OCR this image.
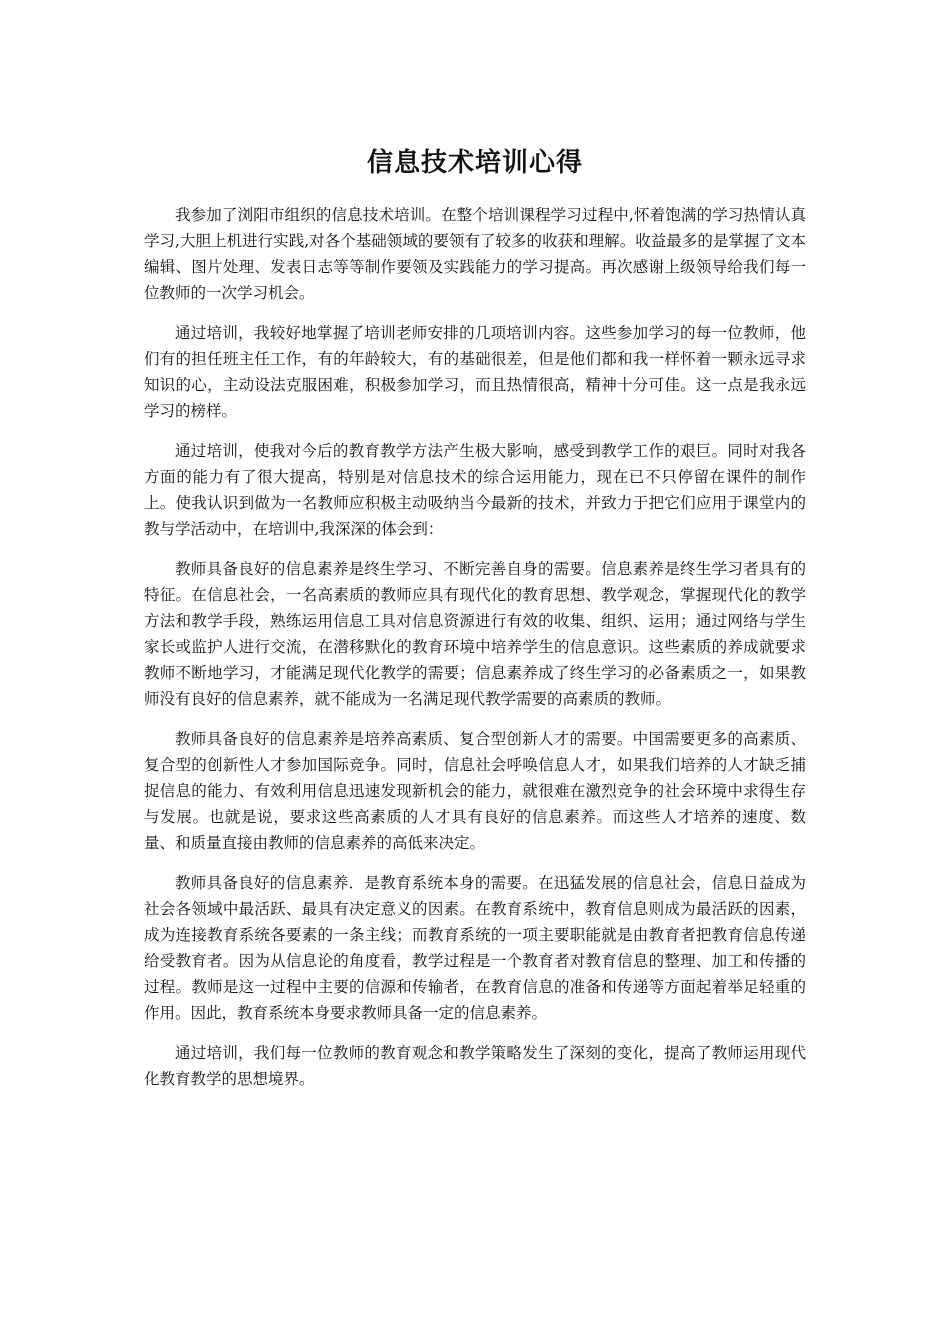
信息技术培训心得

我参加了浏阳市组织的信息技术培训。在整个培训课程学习过程中,怀着饱满的学习热情认真学习,大胆上机进行实践,对各个基础领域的要领有了较多的收获和理解。收益最多的是掌握了文本编辑、图片处理、发表日志等等制作要领及实践能力的学习提高。再次感谢上级领导给我们每一位教师的一次学习机会。

通过培训，我较好地掌握了培训老师安排的几项培训内容。这些参加学习的每一位教师，他们有的担任班主任工作，有的年龄较大，有的基础很差，但是他们都和我一样怀着一颗永远寻求知识的心，主动设法克服困难，积极参加学习，而且热情很高，精神十分可佳。这一点是我永远学习的榜样。

通过培训，使我对今后的教育教学方法产生极大影响，感受到教学工作的艰巨。同时对我各方面的能力有了很大提高，特别是对信息技术的综合运用能力，现在已不只停留在课件的制作上。使我认识到做为一名教师应积极主动吸纳当今最新的技术，并致力于把它们应用于课堂内的教与学活动中，在培训中,我深深的体会到：

教师具备良好的信息素养是终生学习、不断完善自身的需要。信息素养是终生学习者具有的特征。在信息社会，一名高素质的教师应具有现代化的教育思想、教学观念，掌握现代化的教学方法和教学手段，熟练运用信息工具对信息资源进行有效的收集、组织、运用；通过网络与学生家长或监护人进行交流，在潜移默化的教育环境中培养学生的信息意识。这些素质的养成就要求教师不断地学习，才能满足现代化教学的需要；信息素养成了终生学习的必备素质之一，如果教师没有良好的信息素养，就不能成为一名满足现代教学需要的高素质的教师。

教师具备良好的信息素养是培养高素质、复合型创新人才的需要。中国需要更多的高素质、复合型的创新性人才参加国际竞争。同时，信息社会呼唤信息人才，如果我们培养的人才缺乏捕捉信息的能力、有效利用信息迅速发现新机会的能力，就很难在激烈竞争的社会环境中求得生存与发展。也就是说，要求这些高素质的人才具有良好的信息素养。而这些人才培养的速度、数量、和质量直接由教师的信息素养的高低来决定。

教师具备良好的信息素养．是教育系统本身的需要。在迅猛发展的信息社会，信息日益成为社会各领域中最活跃、最具有决定意义的因素。在教育系统中，教育信息则成为最活跃的因素，成为连接教育系统各要素的一条主线；而教育系统的一项主要职能就是由教育者把教育信息传递给受教育者。因为从信息论的角度看，教学过程是一个教育者对教育信息的整理、加工和传播的过程。教师是这一过程中主要的信源和传输者，在教育信息的准备和传递等方面起着举足轻重的作用。因此，教育系统本身要求教师具备一定的信息素养。

通过培训，我们每一位教师的教育观念和教学策略发生了深刻的变化，提高了教师运用现代化教育教学的思想境界。
